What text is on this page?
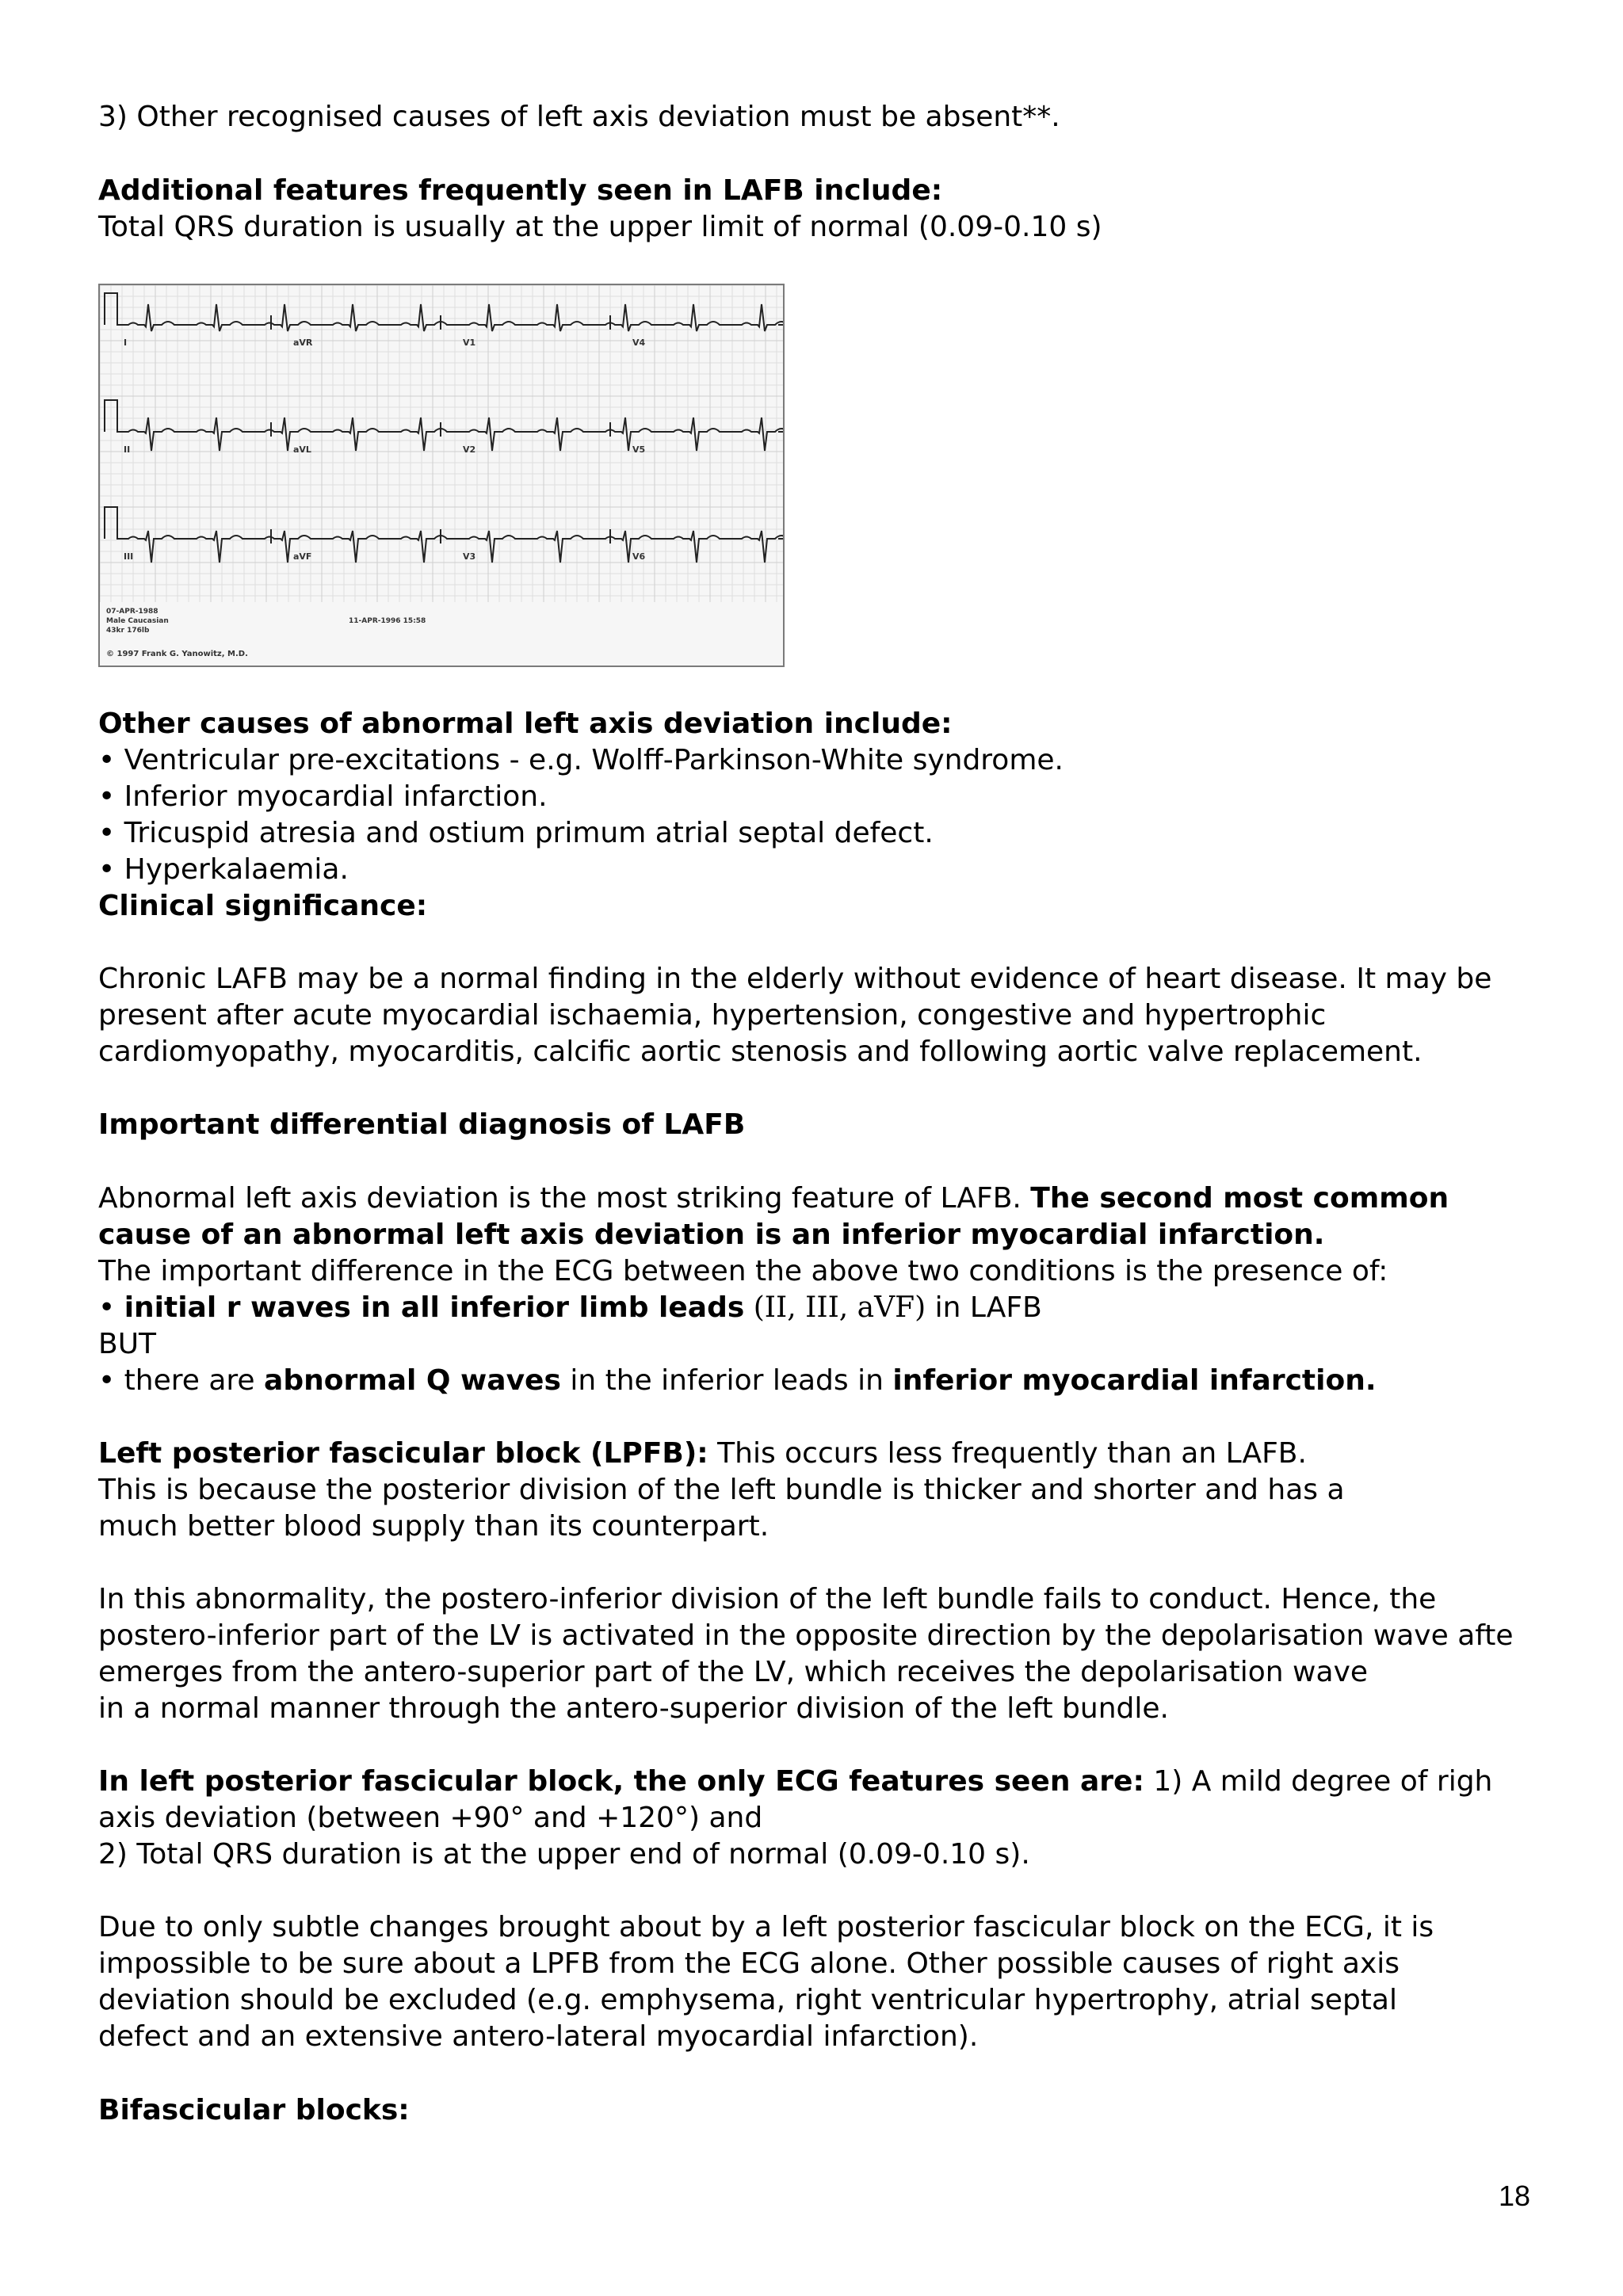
3) Other recognised causes of left axis deviation must be absent**.

Additional features frequently seen in LAFB include:

Total QRS duration is usually at the upper limit of normal (0.09-0.10 s)

I	aVR	V1	V4
II	aVL	V2	V5
III	aVF	V3	V6
07-APR-1988
Male Caucasian
43kr 176lb
11-APR-1996 15:58
© 1997 Frank G. Yanowitz, M.D.

Other causes of abnormal left axis deviation include:

• Ventricular pre-excitations - e.g. Wolff-Parkinson-White syndrome.

• Inferior myocardial infarction.

• Tricuspid atresia and ostium primum atrial septal defect.

• Hyperkalaemia.

Clinical significance:

Chronic LAFB may be a normal finding in the elderly without evidence of heart disease. It may be

present after acute myocardial ischaemia, hypertension, congestive and hypertrophic

cardiomyopathy, myocarditis, calcific aortic stenosis and following aortic valve replacement.

Important differential diagnosis of LAFB

Abnormal left axis deviation is the most striking feature of LAFB. The second most common

cause of an abnormal left axis deviation is an inferior myocardial infarction.

The important difference in the ECG between the above two conditions is the presence of:

• initial r waves in all inferior limb leads (II, III, aVF) in LAFB

BUT

• there are abnormal Q waves in the inferior leads in inferior myocardial infarction.

Left posterior fascicular block (LPFB): This occurs less frequently than an LAFB.

This is because the posterior division of the left bundle is thicker and shorter and has a

much better blood supply than its counterpart.

In this abnormality, the postero-inferior division of the left bundle fails to conduct. Hence, the

postero-inferior part of the LV is activated in the opposite direction by the depolarisation wave afte

emerges from the antero-superior part of the LV, which receives the depolarisation wave

in a normal manner through the antero-superior division of the left bundle.

In left posterior fascicular block, the only ECG features seen are: 1) A mild degree of righ

axis deviation (between +90° and +120°) and

2) Total QRS duration is at the upper end of normal (0.09-0.10 s).

Due to only subtle changes brought about by a left posterior fascicular block on the ECG, it is

impossible to be sure about a LPFB from the ECG alone. Other possible causes of right axis

deviation should be excluded (e.g. emphysema, right ventricular hypertrophy, atrial septal

defect and an extensive antero-lateral myocardial infarction).

Bifascicular blocks:

18
